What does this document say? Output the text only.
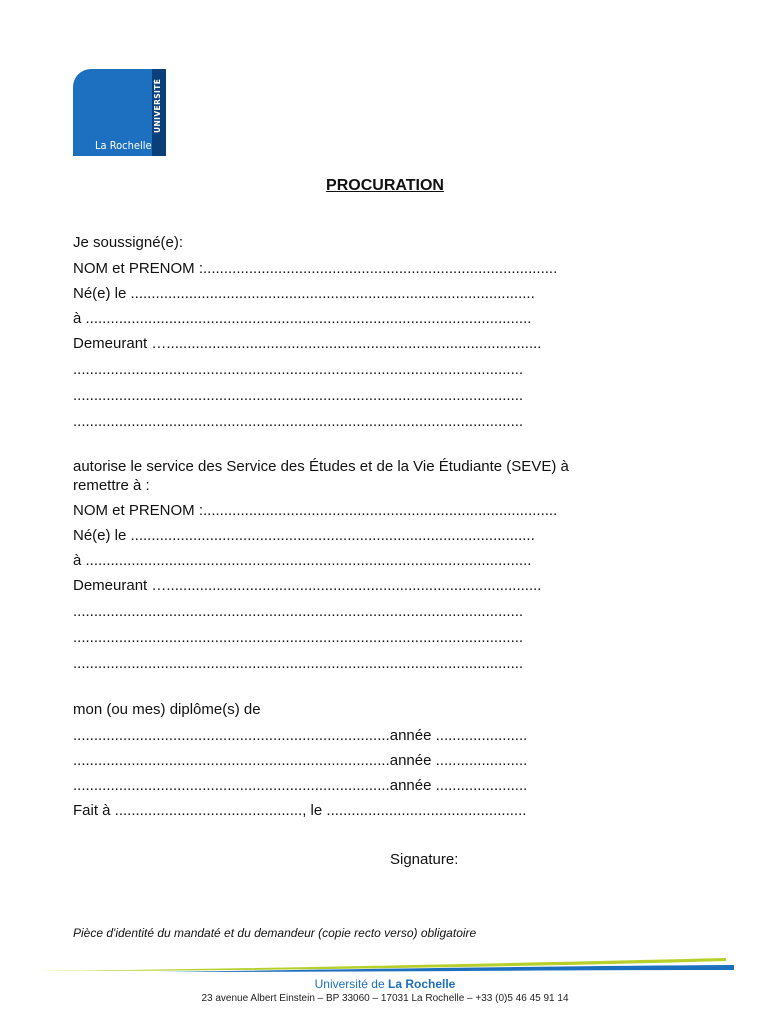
UNIVERSITÉ
La Rochelle
PROCURATION
Je soussigné(e):
NOM et PRENOM :.....................................................................................
Né(e) le .................................................................................................
à ...........................................................................................................
Demeurant …..........................................................................................
............................................................................................................
............................................................................................................
............................................................................................................
autorise le service des Service des Études et de la Vie Étudiante (SEVE) à
remettre à :
NOM et PRENOM :.....................................................................................
Né(e) le .................................................................................................
à ...........................................................................................................
Demeurant …..........................................................................................
............................................................................................................
............................................................................................................
............................................................................................................
mon (ou mes) diplôme(s) de
............................................................................année ......................
............................................................................année ......................
............................................................................année ......................
Fait à ............................................., le ................................................
Signature:
Pièce d'identité du mandaté et du demandeur (copie recto verso) obligatoire
Université de La Rochelle
23 avenue Albert Einstein – BP 33060 – 17031 La Rochelle – +33 (0)5 46 45 91 14
